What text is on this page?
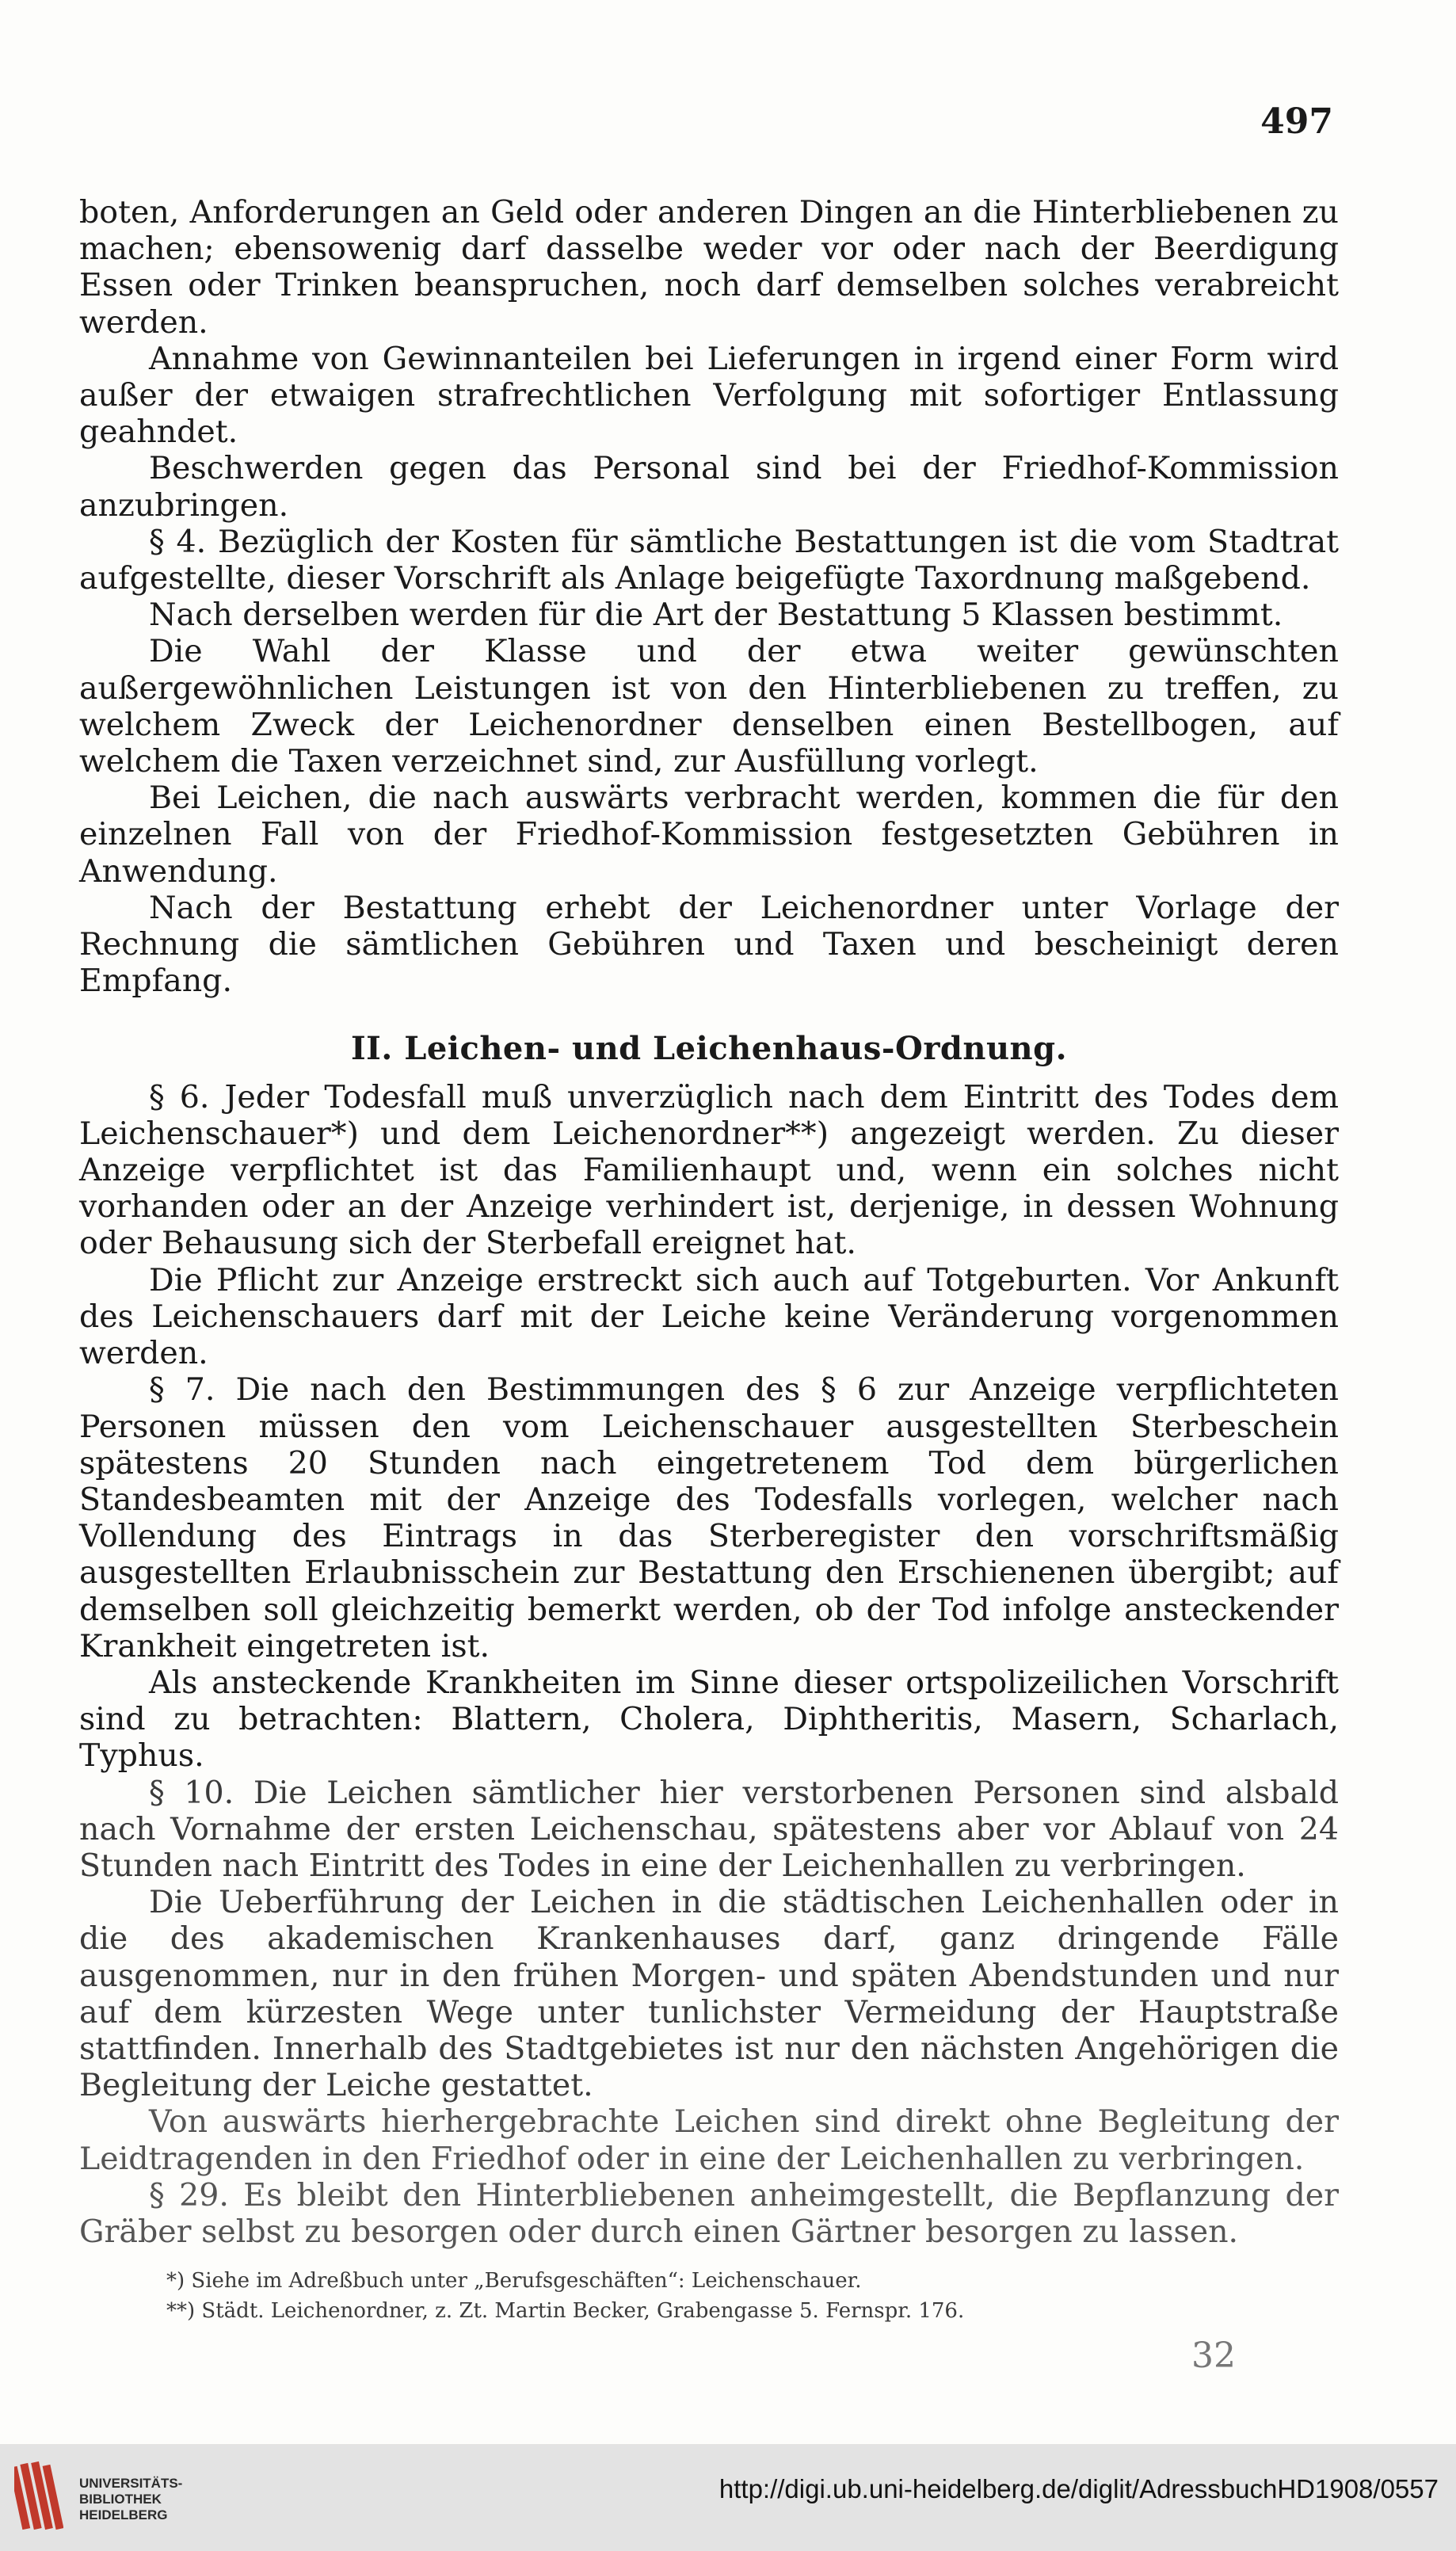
497

boten, Anforderungen an Geld oder anderen Dingen an die Hinterbliebenen zu machen; ebensowenig darf dasselbe weder vor oder nach der Beerdigung Essen oder Trinken beanspruchen, noch darf demselben solches verabreicht werden.

Annahme von Gewinnanteilen bei Lieferungen in irgend einer Form wird außer der etwaigen strafrechtlichen Verfolgung mit sofortiger Entlassung geahndet.

Beschwerden gegen das Personal sind bei der Friedhof-Kommission anzubringen.

§ 4. Bezüglich der Kosten für sämtliche Bestattungen ist die vom Stadtrat aufgestellte, dieser Vorschrift als Anlage beigefügte Taxordnung maßgebend.

Nach derselben werden für die Art der Bestattung 5 Klassen bestimmt.

Die Wahl der Klasse und der etwa weiter gewünschten außergewöhnlichen Leistungen ist von den Hinterbliebenen zu treffen, zu welchem Zweck der Leichenordner denselben einen Bestellbogen, auf welchem die Taxen verzeichnet sind, zur Ausfüllung vorlegt.

Bei Leichen, die nach auswärts verbracht werden, kommen die für den einzelnen Fall von der Friedhof-Kommission festgesetzten Gebühren in Anwendung.

Nach der Bestattung erhebt der Leichenordner unter Vorlage der Rechnung die sämtlichen Gebühren und Taxen und bescheinigt deren Empfang.

II. Leichen- und Leichenhaus-Ordnung.

§ 6. Jeder Todesfall muß unverzüglich nach dem Eintritt des Todes dem Leichenschauer*) und dem Leichenordner**) angezeigt werden. Zu dieser Anzeige verpflichtet ist das Familienhaupt und, wenn ein solches nicht vorhanden oder an der Anzeige verhindert ist, derjenige, in dessen Wohnung oder Behausung sich der Sterbefall ereignet hat.

Die Pflicht zur Anzeige erstreckt sich auch auf Totgeburten. Vor Ankunft des Leichenschauers darf mit der Leiche keine Veränderung vorgenommen werden.

§ 7. Die nach den Bestimmungen des § 6 zur Anzeige verpflichteten Personen müssen den vom Leichenschauer ausgestellten Sterbeschein spätestens 20 Stunden nach eingetretenem Tod dem bürgerlichen Standesbeamten mit der Anzeige des Todesfalls vorlegen, welcher nach Vollendung des Eintrags in das Sterberegister den vorschriftsmäßig ausgestellten Erlaubnisschein zur Bestattung den Erschienenen übergibt; auf demselben soll gleichzeitig bemerkt werden, ob der Tod infolge ansteckender Krankheit eingetreten ist.

Als ansteckende Krankheiten im Sinne dieser ortspolizeilichen Vorschrift sind zu betrachten: Blattern, Cholera, Diphtheritis, Masern, Scharlach, Typhus.

§ 10. Die Leichen sämtlicher hier verstorbenen Personen sind alsbald nach Vornahme der ersten Leichenschau, spätestens aber vor Ablauf von 24 Stunden nach Eintritt des Todes in eine der Leichenhallen zu verbringen.

Die Ueberführung der Leichen in die städtischen Leichenhallen oder in die des akademischen Krankenhauses darf, ganz dringende Fälle ausgenommen, nur in den frühen Morgen- und späten Abendstunden und nur auf dem kürzesten Wege unter tunlichster Vermeidung der Hauptstraße stattfinden. Innerhalb des Stadtgebietes ist nur den nächsten Angehörigen die Begleitung der Leiche gestattet.

Von auswärts hierhergebrachte Leichen sind direkt ohne Begleitung der Leidtragenden in den Friedhof oder in eine der Leichenhallen zu verbringen.

§ 29. Es bleibt den Hinterbliebenen anheimgestellt, die Bepflanzung der Gräber selbst zu besorgen oder durch einen Gärtner besorgen zu lassen.

*) Siehe im Adreßbuch unter „Berufsgeschäften“: Leichenschauer.

**) Städt. Leichenordner, z. Zt. Martin Becker, Grabengasse 5. Fernspr. 176.

32
UNIVERSITÄTS-
BIBLIOTHEK
HEIDELBERG
http://digi.ub.uni-heidelberg.de/diglit/AdressbuchHD1908/0557
